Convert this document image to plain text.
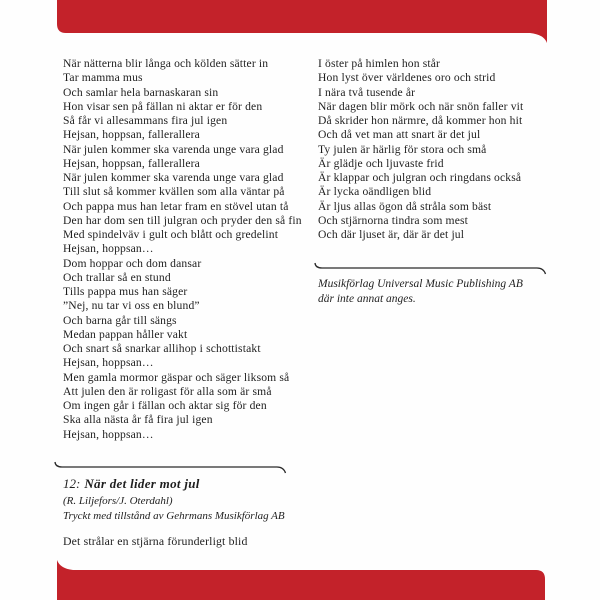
När nätterna blir långa och kölden sätter in
Tar mamma mus
Och samlar hela barnaskaran sin
Hon visar sen på fällan ni aktar er för den
Så får vi allesammans fira jul igen
Hejsan, hoppsan, fallerallera
När julen kommer ska varenda unge vara glad
Hejsan, hoppsan, fallerallera
När julen kommer ska varenda unge vara glad
Till slut så kommer kvällen som alla väntar på
Och pappa mus han letar fram en stövel utan tå
Den har dom sen till julgran och pryder den så fin
Med spindelväv i gult och blått och gredelint
Hejsan, hoppsan…
Dom hoppar och dom dansar
Och trallar så en stund
Tills pappa mus han säger
”Nej, nu tar vi oss en blund”
Och barna går till sängs
Medan pappan håller vakt
Och snart så snarkar allihop i schottistakt
Hejsan, hoppsan…
Men gamla mormor gäspar och säger liksom så
Att julen den är roligast för alla som är små
Om ingen går i fällan och aktar sig för den
Ska alla nästa år få fira jul igen
Hejsan, hoppsan…
I öster på himlen hon står
Hon lyst över världenes oro och strid
I nära två tusende år
När dagen blir mörk och när snön faller vit
Då skrider hon närmre, då kommer hon hit
Och då vet man att snart är det jul
Ty julen är härlig för stora och små
Är glädje och ljuvaste frid
Är klappar och julgran och ringdans också
Är lycka oändligen blid
Är ljus allas ögon då stråla som bäst
Och stjärnorna tindra som mest
Och där ljuset är, där är det jul
12: När det lider mot jul
(R. Liljefors/J. Oterdahl)
Tryckt med tillstånd av Gehrmans Musikförlag AB
Det strålar en stjärna förunderligt blid
Musikförlag Universal Music Publishing AB
där inte annat anges.
